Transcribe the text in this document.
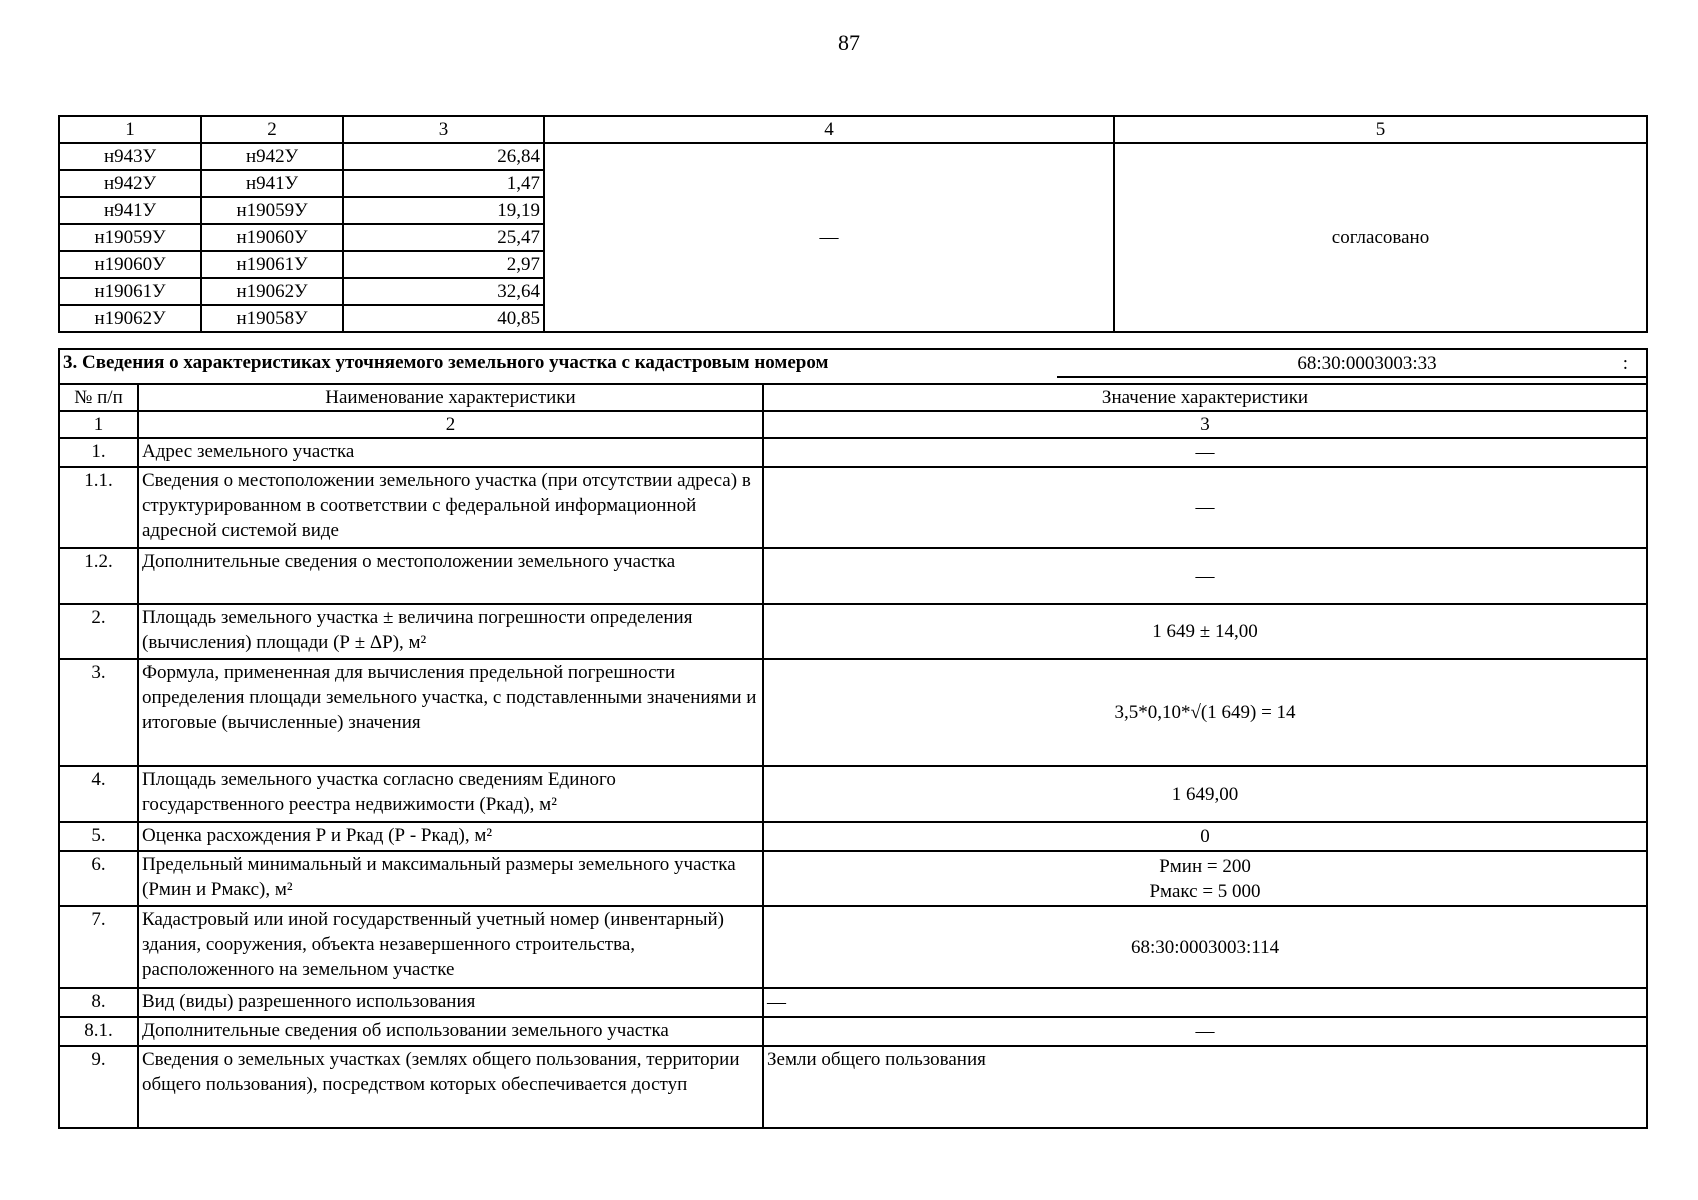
87
1	2	3	4	5
н943У	н942У	26,84	—	согласовано
н942У	н941У	1,47		
н941У	н19059У	19,19		
н19059У	н19060У	25,47		
н19060У	н19061У	2,97		
н19061У	н19062У	32,64		
н19062У	н19058У	40,85		
3. Сведения о характеристиках уточняемого земельного участка с кадастровым номером 68:30:0003003:33 :		

№ п/п	Наименование характеристики	Значение характеристики
1	2	3
1.	Адрес земельного участка	—
1.1.	Сведения о местоположении земельного участка (при отсутствии адреса) в структурированном в соответствии с федеральной информационной адресной системой виде	—
1.2.	Дополнительные сведения о местоположении земельного участка	—
2.	Площадь земельного участка ± величина погрешности определения (вычисления) площади (Р ± ΔР), м²	1 649 ± 14,00
3.	Формула, примененная для вычисления предельной погрешности определения площади земельного участка, с подставленными значениями и итоговые (вычисленные) значения	3,5*0,10*√(1 649) = 14
4.	Площадь земельного участка согласно сведениям Единого государственного реестра недвижимости (Ркад), м²	1 649,00
5.	Оценка расхождения Р и Ркад (Р - Ркад), м²	0
6.	Предельный минимальный и максимальный размеры земельного участка (Рмин и Рмакс), м²	Рмин = 200
Рмакс = 5 000

7.	Кадастровый или иной государственный учетный номер (инвентарный) здания, сооружения, объекта незавершенного строительства, расположенного на земельном участке	68:30:0003003:114
8.	Вид (виды) разрешенного использования	—
8.1.	Дополнительные сведения об использовании земельного участка	—
9.	Сведения о земельных участках (землях общего пользования, территории общего пользования), посредством которых обеспечивается доступ	Земли общего пользования
